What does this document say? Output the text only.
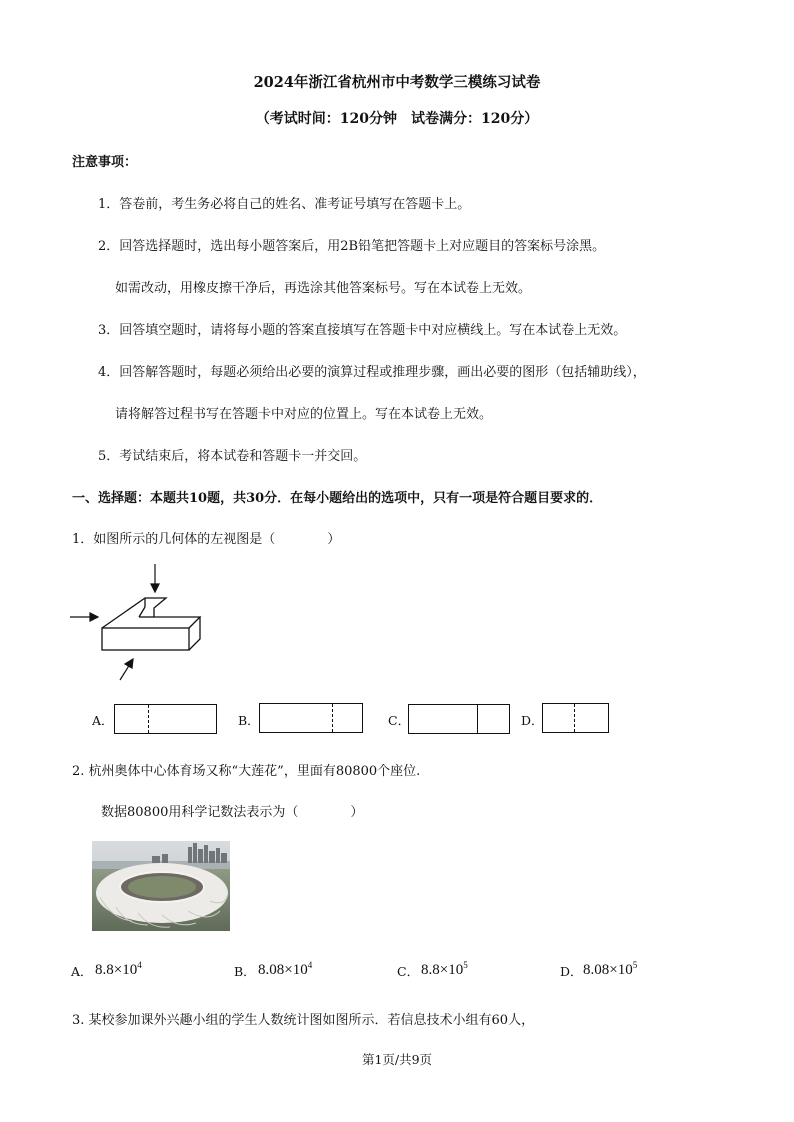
2024年浙江省杭州市中考数学三模练习试卷
（考试时间：120分钟　试卷满分：120分）
注意事项：
1．答卷前，考生务必将自己的姓名、准考证号填写在答题卡上。
2．回答选择题时，选出每小题答案后，用2B铅笔把答题卡上对应题目的答案标号涂黑。
如需改动，用橡皮擦干净后，再选涂其他答案标号。写在本试卷上无效。
3．回答填空题时，请将每小题的答案直接填写在答题卡中对应横线上。写在本试卷上无效。
4．回答解答题时，每题必须给出必要的演算过程或推理步骤，画出必要的图形（包括辅助线），
请将解答过程书写在答题卡中对应的位置上。写在本试卷上无效。
5．考试结束后，将本试卷和答题卡一并交回。
一、选择题：本题共10题，共30分．在每小题给出的选项中，只有一项是符合题目要求的．
1．如图所示的几何体的左视图是（　　　　）
A．	B．	C．	D．
2. 杭州奥体中心体育场又称“大莲花”，里面有80800个座位.
数据80800用科学记数法表示为（　　　　）
A． $8.8\times 10^4$	B． $8.08\times 10^4$	C． $8.8\times 10^5$	D． $8.08\times 10^5$
3. 某校参加课外兴趣小组的学生人数统计图如图所示．若信息技术小组有60人，
第1页/共9页
